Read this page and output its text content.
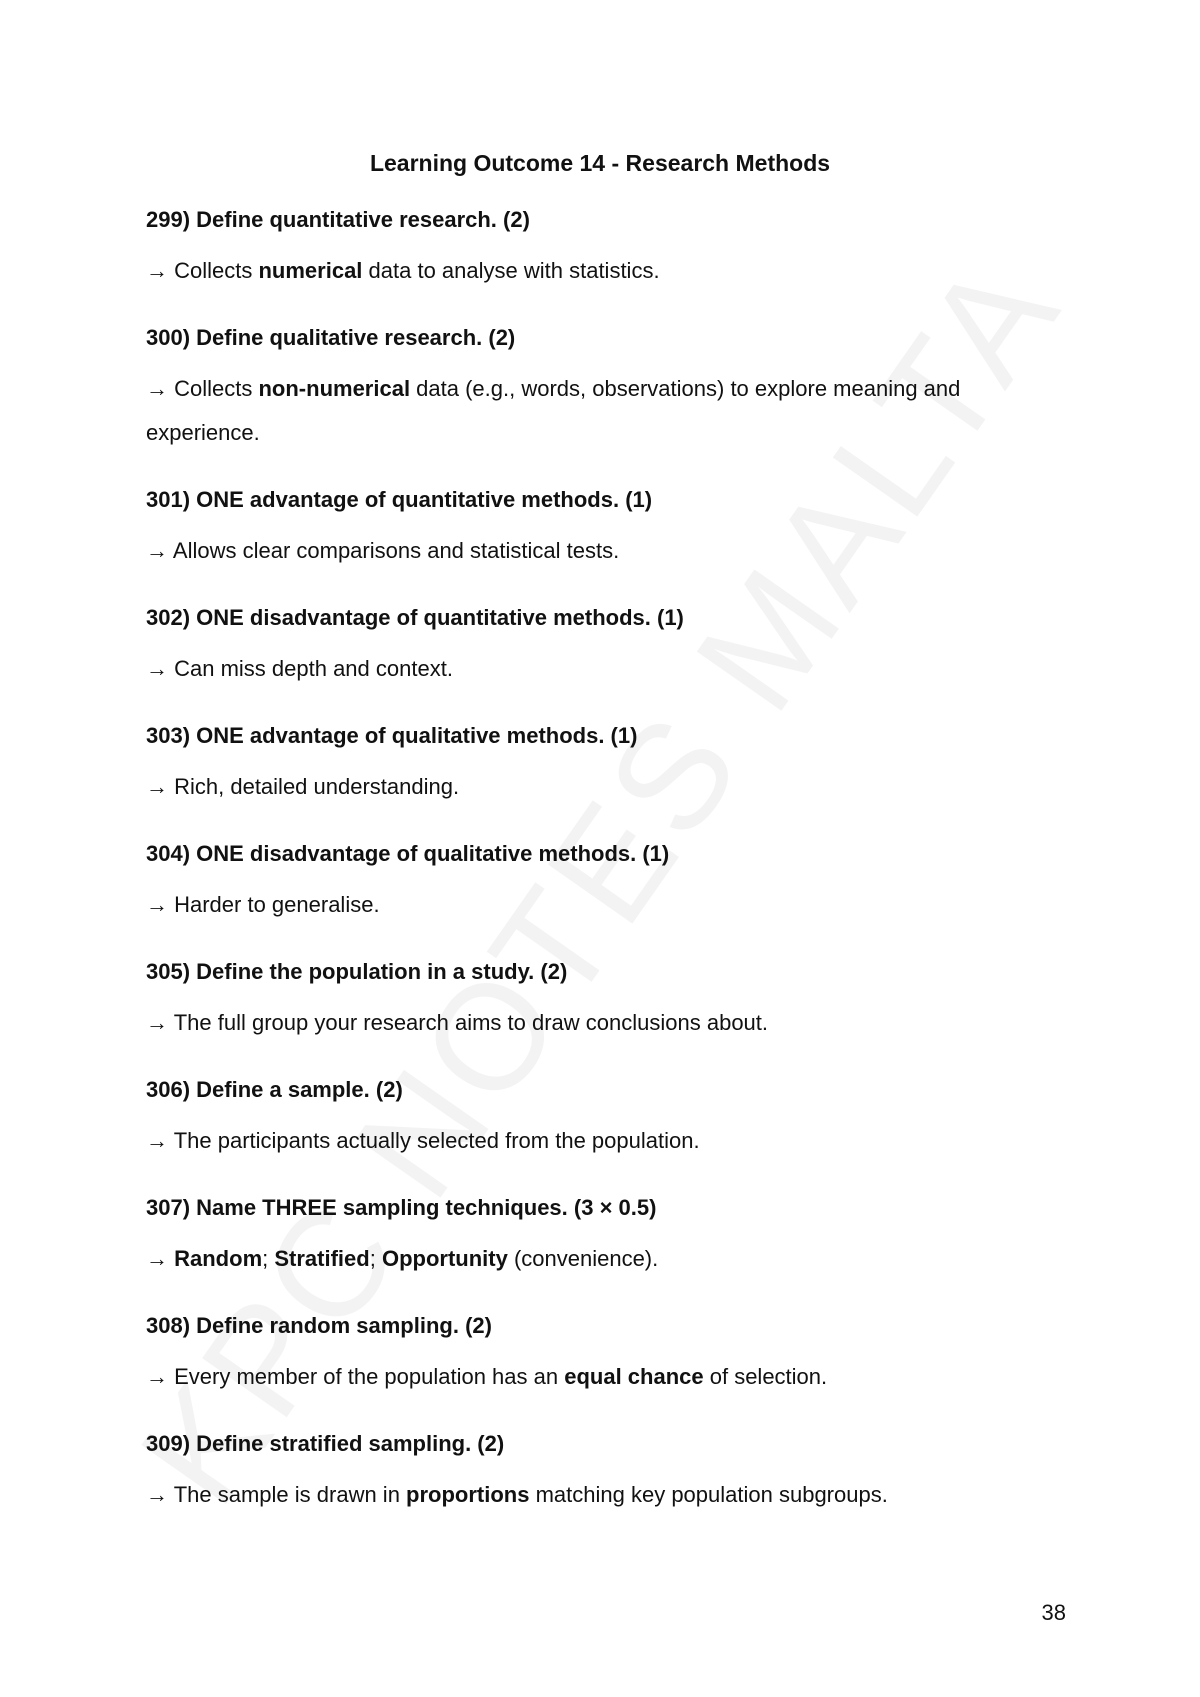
Learning Outcome 14 - Research Methods
299) Define quantitative research. (2)
→ Collects numerical data to analyse with statistics.
300) Define qualitative research. (2)
→ Collects non-numerical data (e.g., words, observations) to explore meaning and experience.
301) ONE advantage of quantitative methods. (1)
→ Allows clear comparisons and statistical tests.
302) ONE disadvantage of quantitative methods. (1)
→ Can miss depth and context.
303) ONE advantage of qualitative methods. (1)
→ Rich, detailed understanding.
304) ONE disadvantage of qualitative methods. (1)
→ Harder to generalise.
305) Define the population in a study. (2)
→ The full group your research aims to draw conclusions about.
306) Define a sample. (2)
→ The participants actually selected from the population.
307) Name THREE sampling techniques. (3 × 0.5)
→ Random; Stratified; Opportunity (convenience).
308) Define random sampling. (2)
→ Every member of the population has an equal chance of selection.
309) Define stratified sampling. (2)
→ The sample is drawn in proportions matching key population subgroups.
38
